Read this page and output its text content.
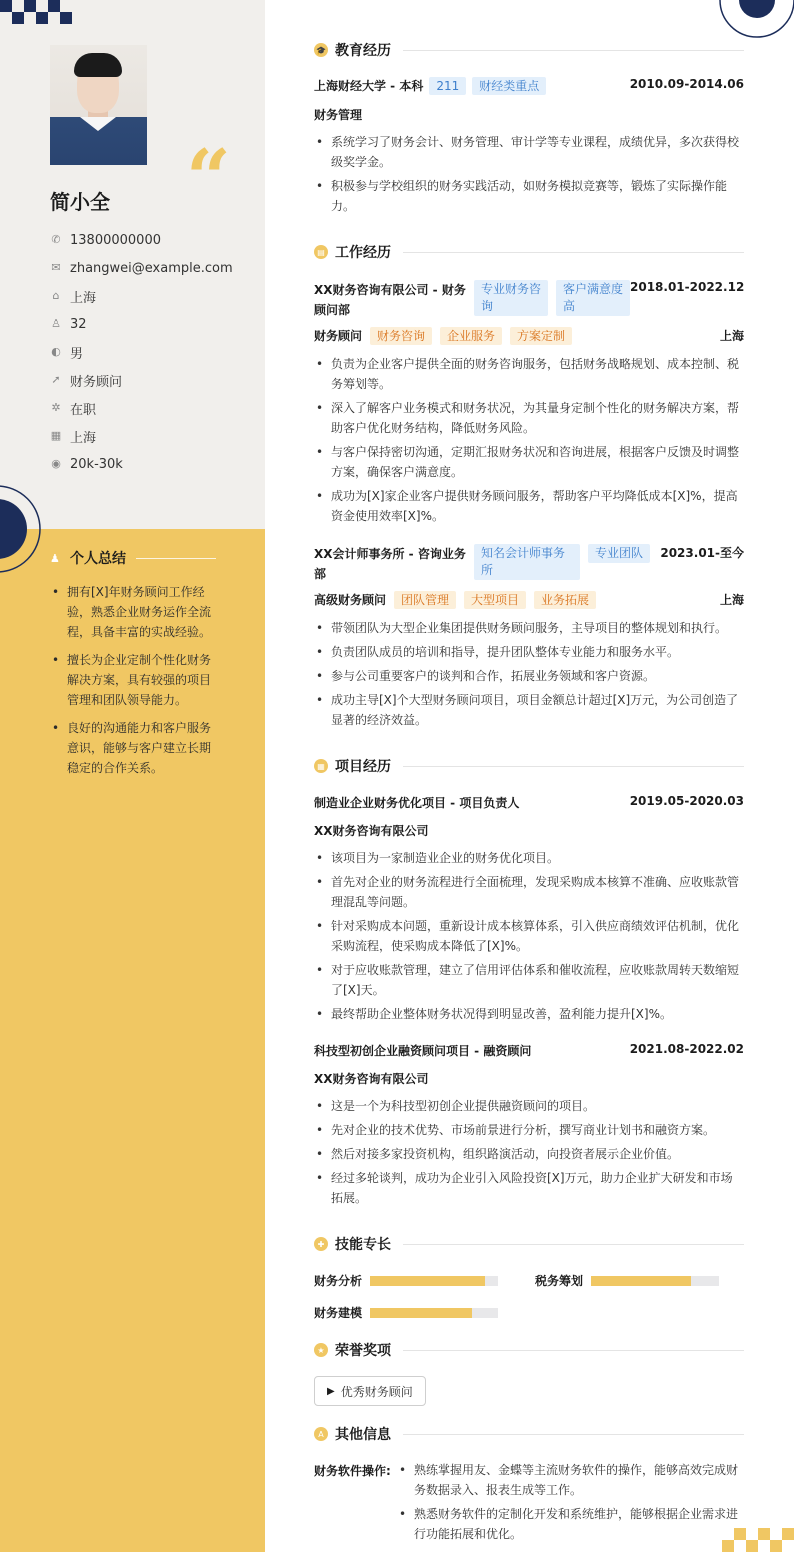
“
简小全
✆ 13800000000
✉ zhangwei@example.com
⌂ 上海
♙ 32
◐ 男
➚ 财务顾问
✲ 在职
▦ 上海
◉ 20k-30k
♟ 个人总结
• 拥有[X]年财务顾问工作经验，熟悉企业财务运作全流程，具备丰富的实战经验。
• 擅长为企业定制个性化财务解决方案，具有较强的项目管理和团队领导能力。
• 良好的沟通能力和客户服务意识，能够与客户建立长期稳定的合作关系。
🎓 教育经历
上海财经大学 - 本科 211 财经类重点	2010.09-2014.06
财务管理
• 系统学习了财务会计、财务管理、审计学等专业课程，成绩优异，多次获得校级奖学金。
• 积极参与学校组织的财务实践活动，如财务模拟竞赛等，锻炼了实际操作能力。
▤ 工作经历
XX财务咨询有限公司 - 财务顾问部
专业财务咨询
客户满意度高
2018.01-2022.12
财务顾问 财务咨询 企业服务 方案定制	上海
• 负责为企业客户提供全面的财务咨询服务，包括财务战略规划、成本控制、税务筹划等。
• 深入了解客户业务模式和财务状况，为其量身定制个性化的财务解决方案，帮助客户优化财务结构，降低财务风险。
• 与客户保持密切沟通，定期汇报财务状况和咨询进展，根据客户反馈及时调整方案，确保客户满意度。
• 成功为[X]家企业客户提供财务顾问服务，帮助客户平均降低成本[X]%，提高资金使用效率[X]%。
XX会计师事务所 - 咨询业务部
知名会计师事务所
专业团队	2023.01-至今
高级财务顾问 团队管理 大型项目 业务拓展	上海
• 带领团队为大型企业集团提供财务顾问服务，主导项目的整体规划和执行。
• 负责团队成员的培训和指导，提升团队整体专业能力和服务水平。
• 参与公司重要客户的谈判和合作，拓展业务领域和客户资源。
• 成功主导[X]个大型财务顾问项目，项目金额总计超过[X]万元，为公司创造了显著的经济效益。
▦ 项目经历
制造业企业财务优化项目 - 项目负责人	2019.05-2020.03
XX财务咨询有限公司
• 该项目为一家制造业企业的财务优化项目。
• 首先对企业的财务流程进行全面梳理，发现采购成本核算不准确、应收账款管理混乱等问题。
• 针对采购成本问题，重新设计成本核算体系，引入供应商绩效评估机制，优化采购流程，使采购成本降低了[X]%。
• 对于应收账款管理，建立了信用评估体系和催收流程，应收账款周转天数缩短了[X]天。
• 最终帮助企业整体财务状况得到明显改善，盈利能力提升[X]%。
科技型初创企业融资顾问项目 - 融资顾问	2021.08-2022.02
XX财务咨询有限公司
• 这是一个为科技型初创企业提供融资顾问的项目。
• 先对企业的技术优势、市场前景进行分析，撰写商业计划书和融资方案。
• 然后对接多家投资机构，组织路演活动，向投资者展示企业价值。
• 经过多轮谈判，成功为企业引入风险投资[X]万元，助力企业扩大研发和市场拓展。
✚ 技能专长
财务分析	税务筹划
财务建模
★ 荣誉奖项
▶ 优秀财务顾问
A 其他信息
财务软件操作:
•	熟练掌握用友、金蝶等主流财务软件的操作，能够高效完成财务数据录入、报表生成等工作。
• 熟悉财务软件的定制化开发和系统维护，能够根据企业需求进行功能拓展和优化。
